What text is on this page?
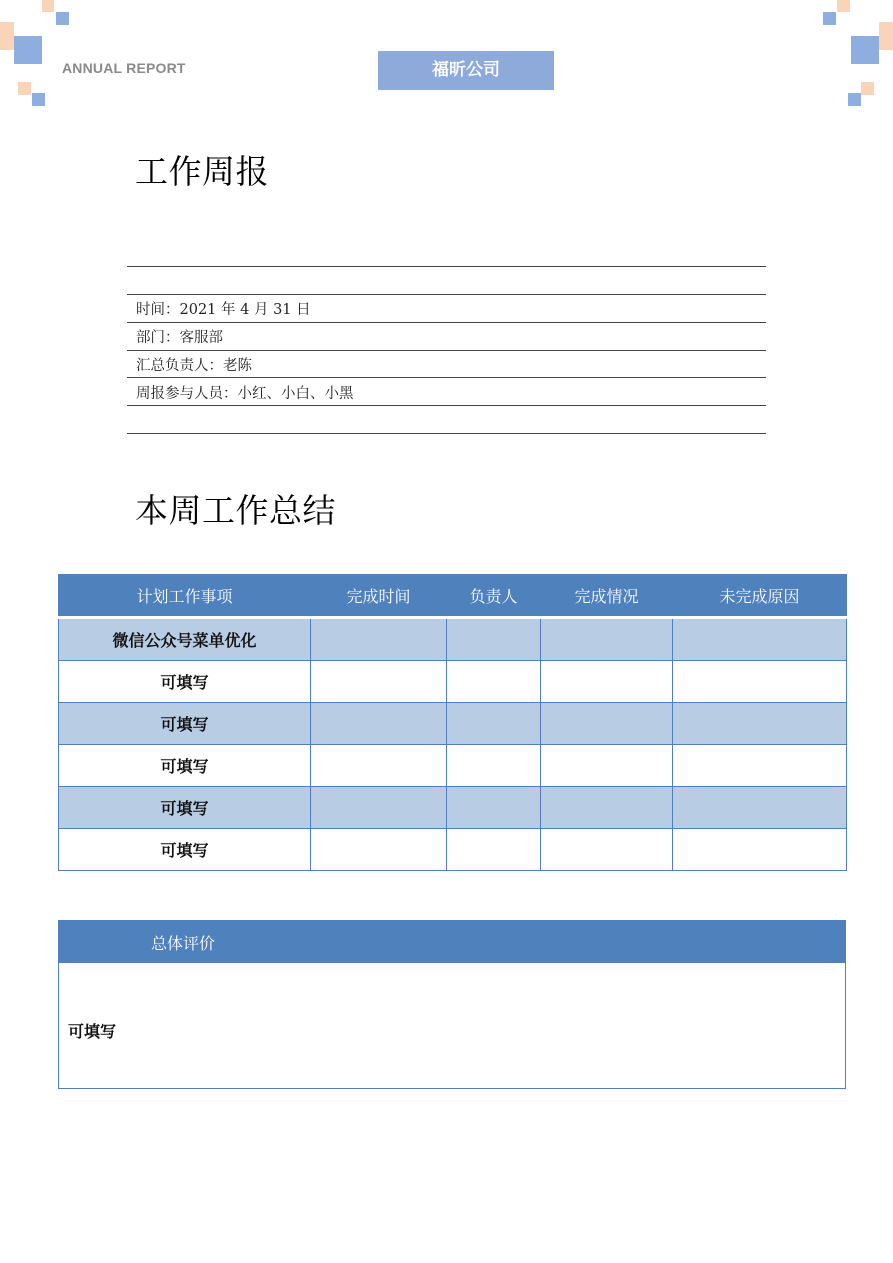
ANNUAL REPORT	福昕公司
工作周报
时间：2021 年 4 月 31 日
部门：客服部
汇总负责人：老陈
周报参与人员：小红、小白、小黑
本周工作总结
计划工作事项	完成时间	负责人	完成情况	未完成原因
微信公众号菜单优化				
可填写				
可填写				
可填写				
可填写				
可填写				
总体评价
可填写
